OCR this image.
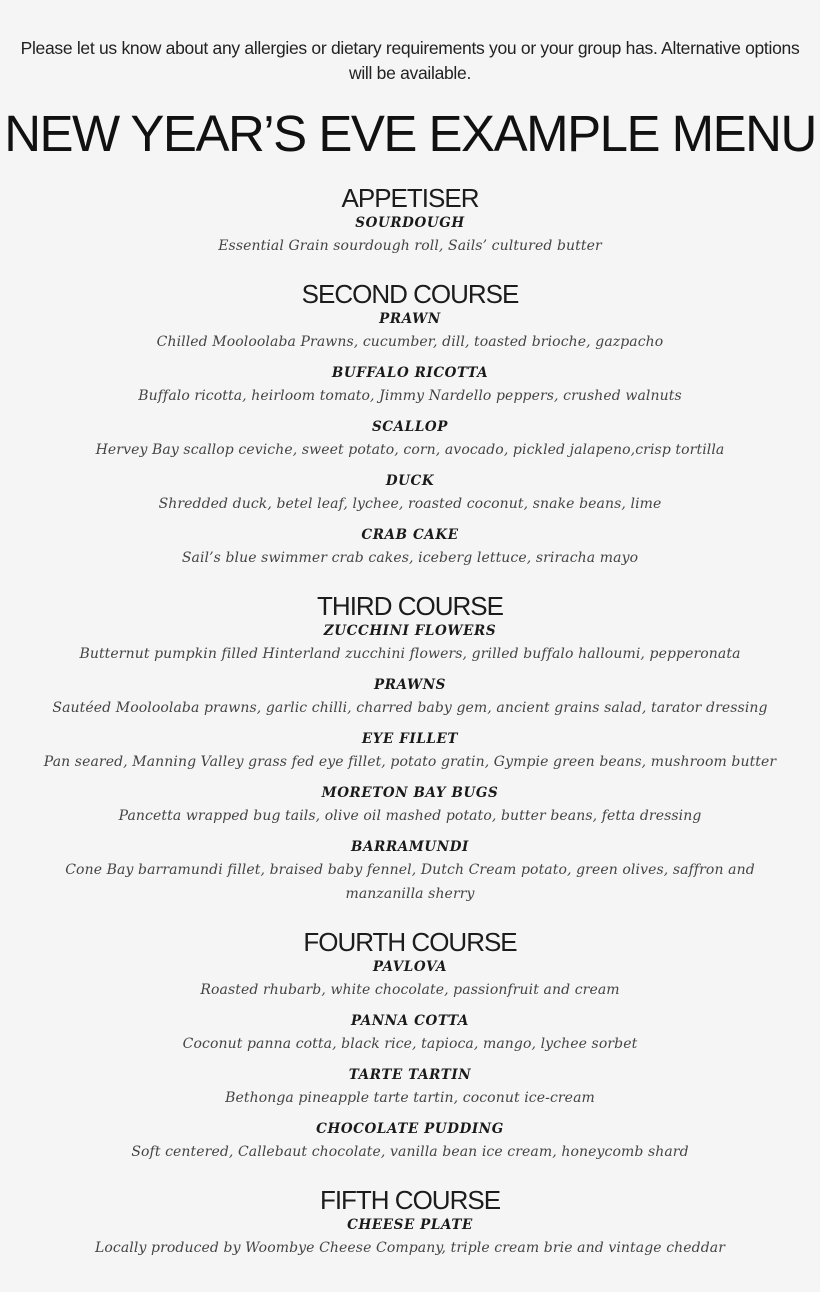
Please let us know about any allergies or dietary requirements you or your group has. Alternative options will be available.
NEW YEAR’S EVE EXAMPLE MENU
APPETISER
SOURDOUGH
Essential Grain sourdough roll, Sails’ cultured butter
SECOND COURSE
PRAWN
Chilled Mooloolaba Prawns, cucumber, dill, toasted brioche, gazpacho
BUFFALO RICOTTA
Buffalo ricotta, heirloom tomato, Jimmy Nardello peppers, crushed walnuts
SCALLOP
Hervey Bay scallop ceviche, sweet potato, corn, avocado, pickled jalapeno,crisp tortilla
DUCK
Shredded duck, betel leaf, lychee, roasted coconut, snake beans, lime
CRAB CAKE
Sail’s blue swimmer crab cakes, iceberg lettuce, sriracha mayo
THIRD COURSE
ZUCCHINI FLOWERS
Butternut pumpkin filled Hinterland zucchini flowers, grilled buffalo halloumi, pepperonata
PRAWNS
Sautéed Mooloolaba prawns, garlic chilli, charred baby gem, ancient grains salad, tarator dressing
EYE FILLET
Pan seared, Manning Valley grass fed eye fillet, potato gratin, Gympie green beans, mushroom butter
MORETON BAY BUGS
Pancetta wrapped bug tails, olive oil mashed potato, butter beans, fetta dressing
BARRAMUNDI
Cone Bay barramundi fillet, braised baby fennel, Dutch Cream potato, green olives, saffron and manzanilla sherry
FOURTH COURSE
PAVLOVA
Roasted rhubarb, white chocolate, passionfruit and cream
PANNA COTTA
Coconut panna cotta, black rice, tapioca, mango, lychee sorbet
TARTE TARTIN
Bethonga pineapple tarte tartin, coconut ice-cream
CHOCOLATE PUDDING
Soft centered, Callebaut chocolate, vanilla bean ice cream, honeycomb shard
FIFTH COURSE
CHEESE PLATE
Locally produced by Woombye Cheese Company, triple cream brie and vintage cheddar
